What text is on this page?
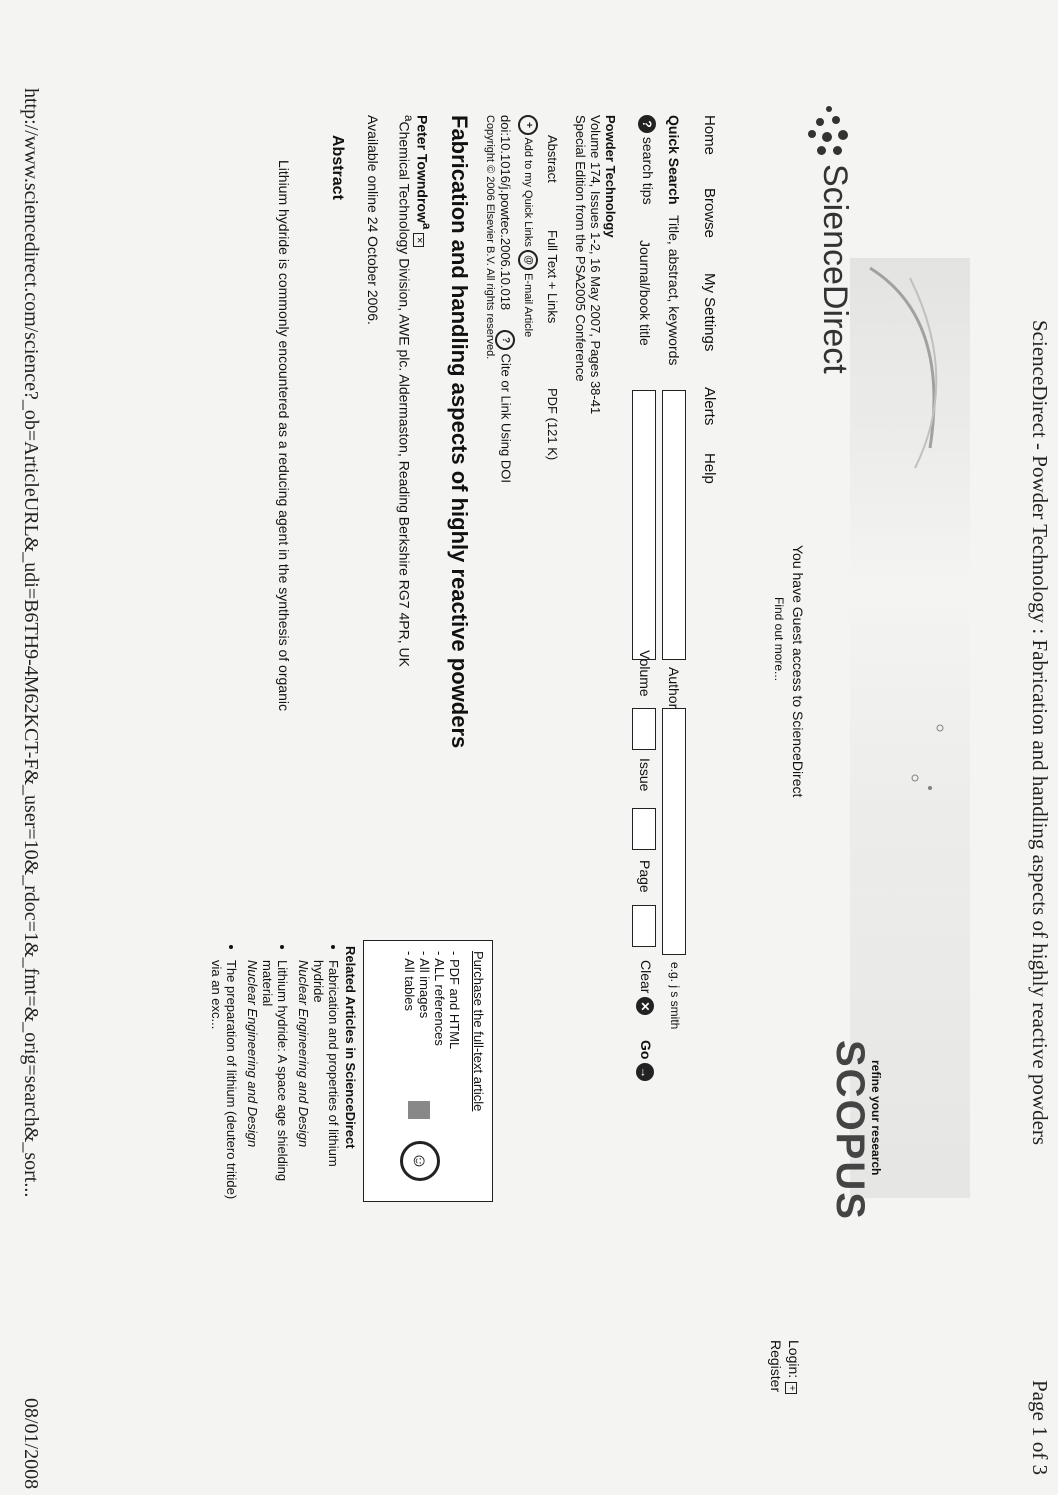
ScienceDirect - Powder Technology : Fabrication and handling aspects of highly reactive powders
Page 1 of 3
http://www.sciencedirect.com/science?_ob=ArticleURL&_udi=B6TH9-4M62KCT-F&_user=10&_rdoc=1&_fmt=&_orig=search&_sort...
08/01/2008
ScienceDirect
You have Guest access to ScienceDirect
Find out more...
refine your research
SCOPUS
Login: +
Register
Home
Browse
My Settings
Alerts
Help
Quick Search
Title, abstract, keywords
Author
e.g. j s smith
? search tips
Journal/book title
Volume
Issue
Page
Clear ✕
Go →
Powder Technology
Volume 174, Issues 1-2, 16 May 2007, Pages 38-41
Special Edition from the PSA2005 Conference
Abstract
Full Text + Links
PDF (121 K)
+ Add to my Quick Links
@ E-mail Article
doi:10.1016/j.powtec.2006.10.018
? Cite or Link Using DOI
Copyright © 2006 Elsevier B.V. All rights reserved.
Fabrication and handling aspects of highly reactive powders
Peter Towndrow$^a$ ✕
$^a$Chemical Technology Division, AWE plc. Aldermaston, Reading Berkshire RG7 4PR, UK
Available online 24 October 2006.
Abstract
Lithium hydride is commonly encountered as a reducing agent in the synthesis of organic
Purchase the full-text article
- PDF and HTML
- ALL references
- All images
- All tables
☺
Related Articles in ScienceDirect
• Fabrication and properties of lithium hydride
Nuclear Engineering and Design
• Lithium hydride: A space age shielding material
Nuclear Engineering and Design
• The preparation of lithium (deutero tritide) via an exc...
